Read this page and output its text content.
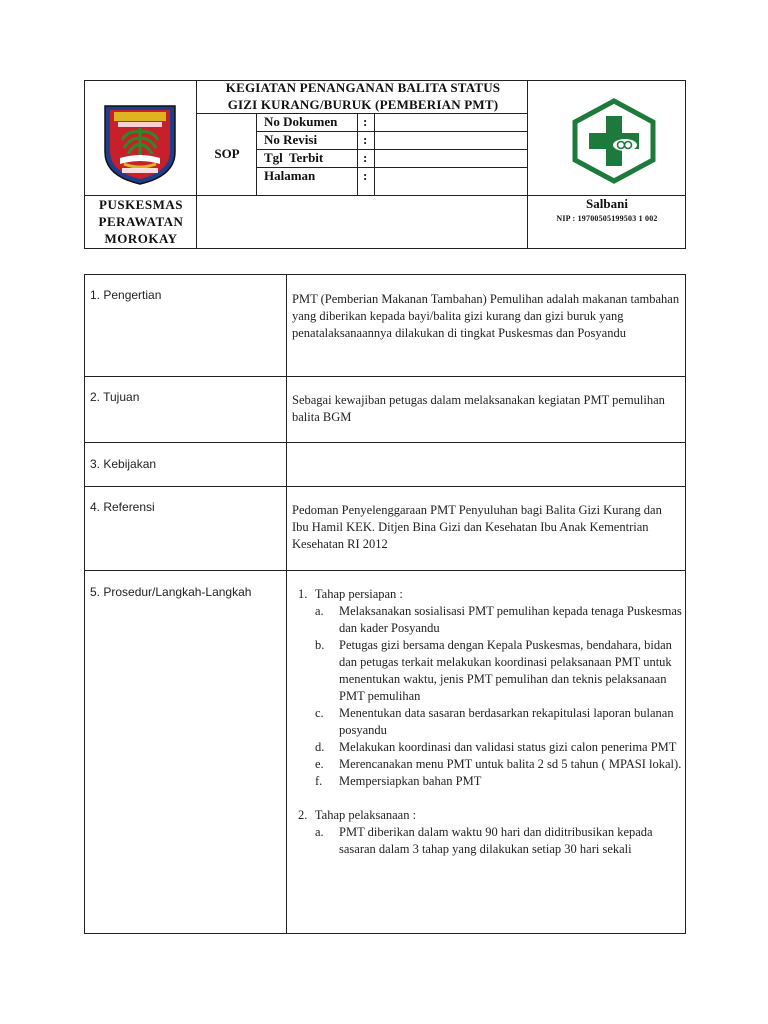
KEGIATAN PENANGANAN BALITA STATUS
GIZI KURANG/BURUK (PEMBERIAN PMT)
SOP
No Dokumen :
No Revisi	:
Tgl  Terbit	:
Halaman	:
PUSKESMAS
PERAWATAN
MOROKAY
Salbani
NIP : 19700505199503 1 002
1. Pengertian	PMT (Pemberian Makanan Tambahan) Pemulihan adalah makanan tambahan yang diberikan kepada bayi/balita gizi kurang dan gizi buruk yang penatalaksanaannya dilakukan di tingkat Puskesmas dan Posyandu
2. Tujuan	Sebagai kewajiban petugas dalam melaksanakan kegiatan PMT pemulihan balita BGM
3. Kebijakan
4. Referensi	Pedoman Penyelenggaraan PMT Penyuluhan bagi Balita Gizi Kurang dan Ibu Hamil KEK. Ditjen Bina Gizi dan Kesehatan Ibu Anak Kementrian Kesehatan RI 2012
5. Prosedur/Langkah-Langkah	1. Tahap persiapan :
a.	Melaksanakan sosialisasi PMT pemulihan kepada tenaga Puskesmas dan kader Posyandu
b.	Petugas gizi bersama dengan Kepala Puskesmas, bendahara, bidan dan petugas terkait melakukan koordinasi pelaksanaan PMT untuk menentukan waktu, jenis PMT pemulihan dan teknis pelaksanaan PMT pemulihan
c.	Menentukan data sasaran berdasarkan rekapitulasi laporan bulanan posyandu
d.	Melakukan koordinasi dan validasi status gizi calon penerima PMT
e.	Merencanakan menu PMT untuk balita 2 sd 5 tahun ( MPASI lokal).
f.	Mempersiapkan bahan PMT
2. Tahap pelaksanaan :
a.	PMT diberikan dalam waktu 90 hari dan diditribusikan kepada sasaran dalam 3 tahap yang dilakukan setiap 30 hari sekali
